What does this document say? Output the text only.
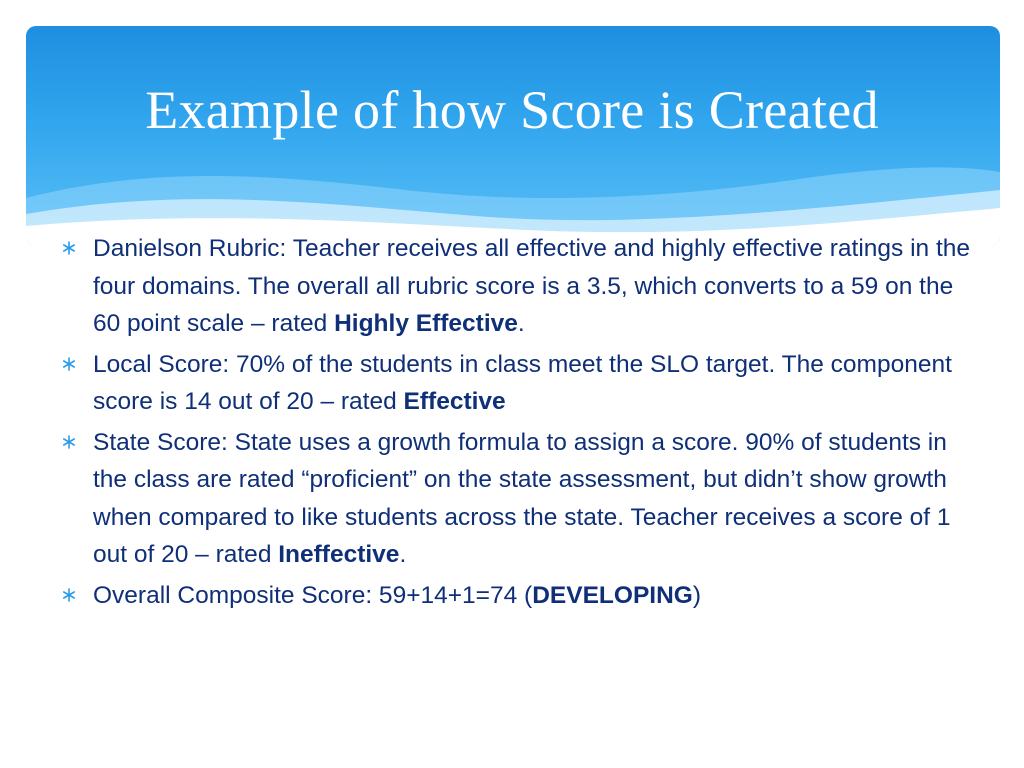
Example of how Score is Created
Danielson Rubric: Teacher receives all effective and highly effective ratings in the four domains. The overall all rubric score is a 3.5, which converts to a 59 on the 60 point scale – rated Highly Effective.
Local Score: 70% of the students in class meet the SLO target. The component score is 14 out of 20 – rated Effective
State Score: State uses a growth formula to assign a score. 90% of students in the class are rated “proficient” on the state assessment, but didn’t show growth when compared to like students across the state. Teacher receives a score of 1 out of 20 – rated Ineffective.
Overall Composite Score: 59+14+1=74 (DEVELOPING)
